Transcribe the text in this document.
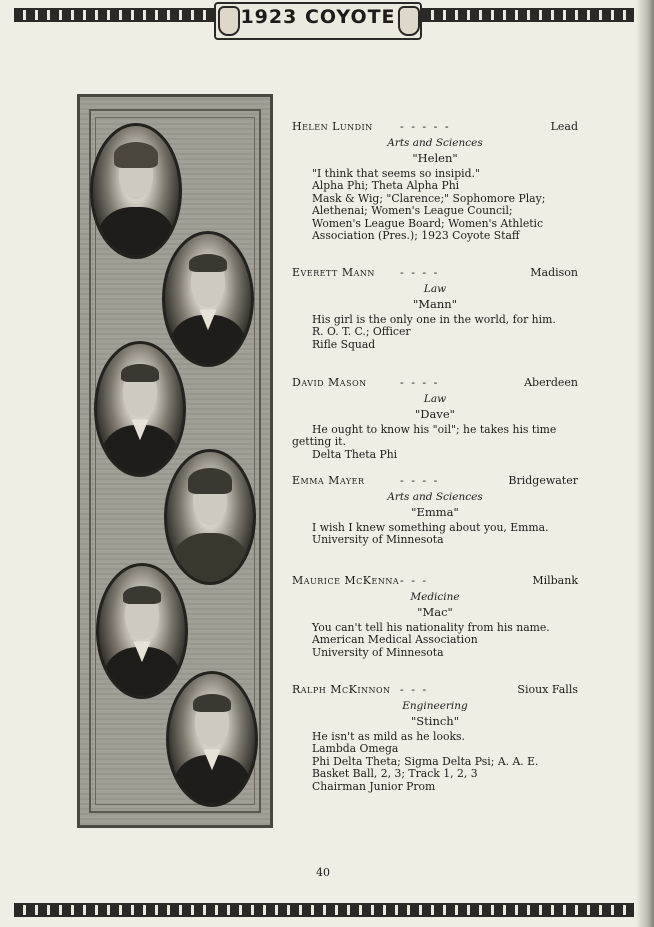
1923 COYOTE
Helen Lundin - - - - -	Lead
Arts and Sciences
"Helen"
"I think that seems so insipid."
Alpha Phi; Theta Alpha Phi
Mask & Wig; "Clarence;" Sophomore Play;
Alethenai; Women's League Council;
Women's League Board; Women's Athletic
Association (Pres.); 1923 Coyote Staff
Everett Mann - - - -	Madison
Law
"Mann"
His girl is the only one in the world, for him.
R. O. T. C.; Officer
Rifle Squad
David Mason	- - - -	Aberdeen
Law
"Dave"
He ought to know his "oil"; he takes his time getting it.
Delta Theta Phi
Emma Mayer	- - - -	Bridgewater
Arts and Sciences
"Emma"
I wish I knew something about you, Emma.
University of Minnesota
Maurice McKenna - - -	Milbank
Medicine
"Mac"
You can't tell his nationality from his name.
American Medical Association
University of Minnesota
Ralph McKinnon - - -	Sioux Falls
Engineering
"Stinch"
He isn't as mild as he looks.
Lambda Omega
Phi Delta Theta; Sigma Delta Psi; A. A. E.
Basket Ball, 2, 3; Track 1, 2, 3
Chairman Junior Prom
40
